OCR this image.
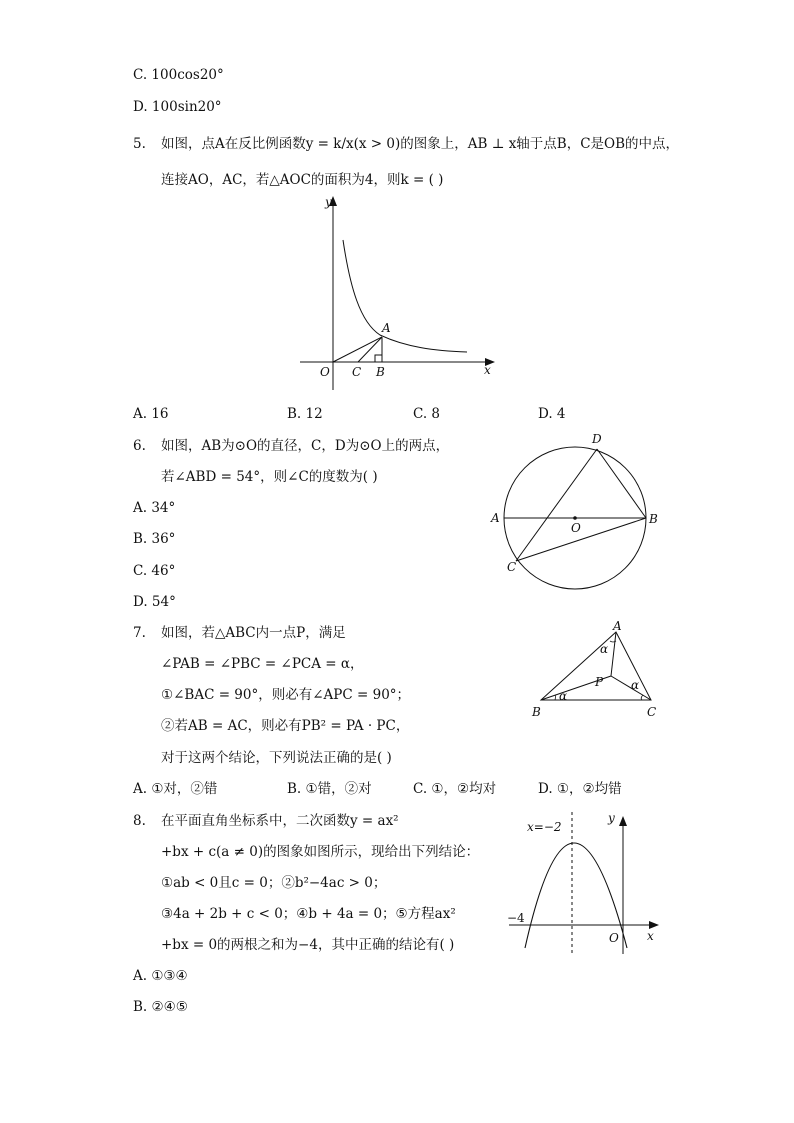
C. 100cos20°
D. 100sin20°
5. 如图，点A在反比例函数y = k/x(x > 0)的图象上，AB ⊥ x轴于点B，C是OB的中点，
连接AO，AC，若△AOC的面积为4，则k = ( )
y
x
O C B
A
A. 16	B. 12	C. 8	D. 4
6. 如图，AB为⊙O的直径，C，D为⊙O上的两点，
若∠ABD = 54°，则∠C的度数为( )
A. 34°
B. 36°
C. 46°
D. 54°
A	B
C
D
O
7. 如图，若△ABC内一点P，满足
∠PAB = ∠PBC = ∠PCA = α，
①∠BAC = 90°，则必有∠APC = 90°；
②若AB = AC，则必有PB² = PA · PC，
对于这两个结论，下列说法正确的是( )
A
B	C
P
α
α
α
A. ①对，②错	B. ①错，②对	C. ①，②均对	D. ①，②均错
8. 在平面直角坐标系中，二次函数y = ax²
+bx + c(a ≠ 0)的图象如图所示，现给出下列结论：
①ab < 0且c = 0；②b²−4ac > 0；
③4a + 2b + c < 0；④b + 4a = 0；⑤方程ax²
+bx = 0的两根之和为−4，其中正确的结论有( )
x=−2
y
x
O
−4
A. ①③④
B. ②④⑤
